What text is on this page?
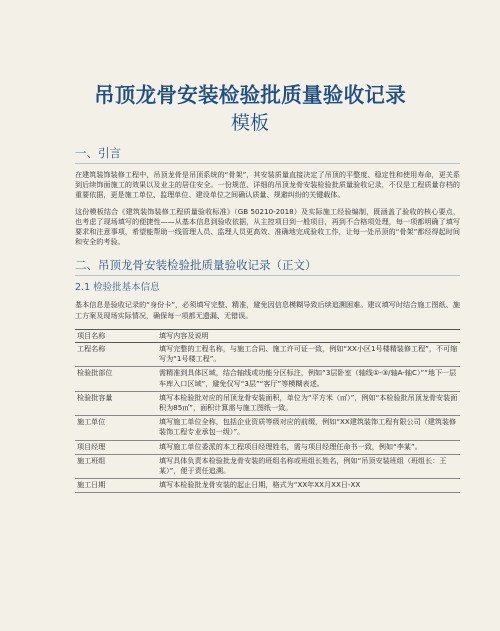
吊顶龙骨安装检验批质量验收记录
模板
一、引言

在建筑装饰装修工程中，吊顶龙骨是吊顶系统的“骨架”，其安装质量直接决定了吊顶的平整度、稳定性和使用寿命，更关系到后续饰面施工的效果以及业主的居住安全。一份规范、详细的吊顶龙骨安装检验批质量验收记录，不仅是工程质量存档的重要依据，更是施工单位、监理单位、建设单位之间确认质量、规避纠纷的关键载体。

这份模板结合《建筑装饰装修工程质量验收标准》（GB 50210-2018）及实际施工经验编制，既涵盖了验收的核心要点，也考虑了现场填写的便捷性——从基本信息到验收依据，从主控项目到一般项目，再到不合格项处理，每一项都明确了填写要求和注意事项，希望能帮助一线管理人员、监理人员更高效、准确地完成验收工作，让每一处吊顶的“骨架”都经得起时间和安全的考验。

二、吊顶龙骨安装检验批质量验收记录（正文）
2.1 检验批基本信息

基本信息是验收记录的“身份卡”，必须填写完整、精准，避免因信息模糊导致后续追溯困难。建议填写时结合施工图纸、施工方案及现场实际情况，确保每一项都无遗漏、无错误。

项目名称	填写内容及说明
工程名称	填写完整的工程名称，与施工合同、施工许可证一致，例如“XX小区1号楼精装修工程”，不可缩写为“1号楼工程”。
检验批部位	需精准到具体区域，结合轴线或功能分区标注，例如“3层卧室（轴线①-③/轴A-轴C）”“地下一层车库入口区域”，避免仅写“3层”“客厅”等模糊表述。
检验批容量	填写本检验批对应的吊顶龙骨安装面积，单位为“平方米（㎡）”，例如“本检验批吊顶龙骨安装面积为85㎡”，面积计算需与施工图纸一致。
施工单位	填写施工单位全称，包括企业资质等级对应的前缀，例如“XX建筑装饰工程有限公司（建筑装修装饰工程专业承包一级）”。
项目经理	填写施工单位委派的本工程项目经理姓名，需与项目经理任命书一致，例如“李某”。
施工班组	填写具体负责本检验批龙骨安装的班组名称或班组长姓名，例如“吊顶安装班组（班组长：王某）”，便于责任追溯。
施工日期	填写本检验批龙骨安装的起止日期，格式为“XX年XX月XX日-XX
